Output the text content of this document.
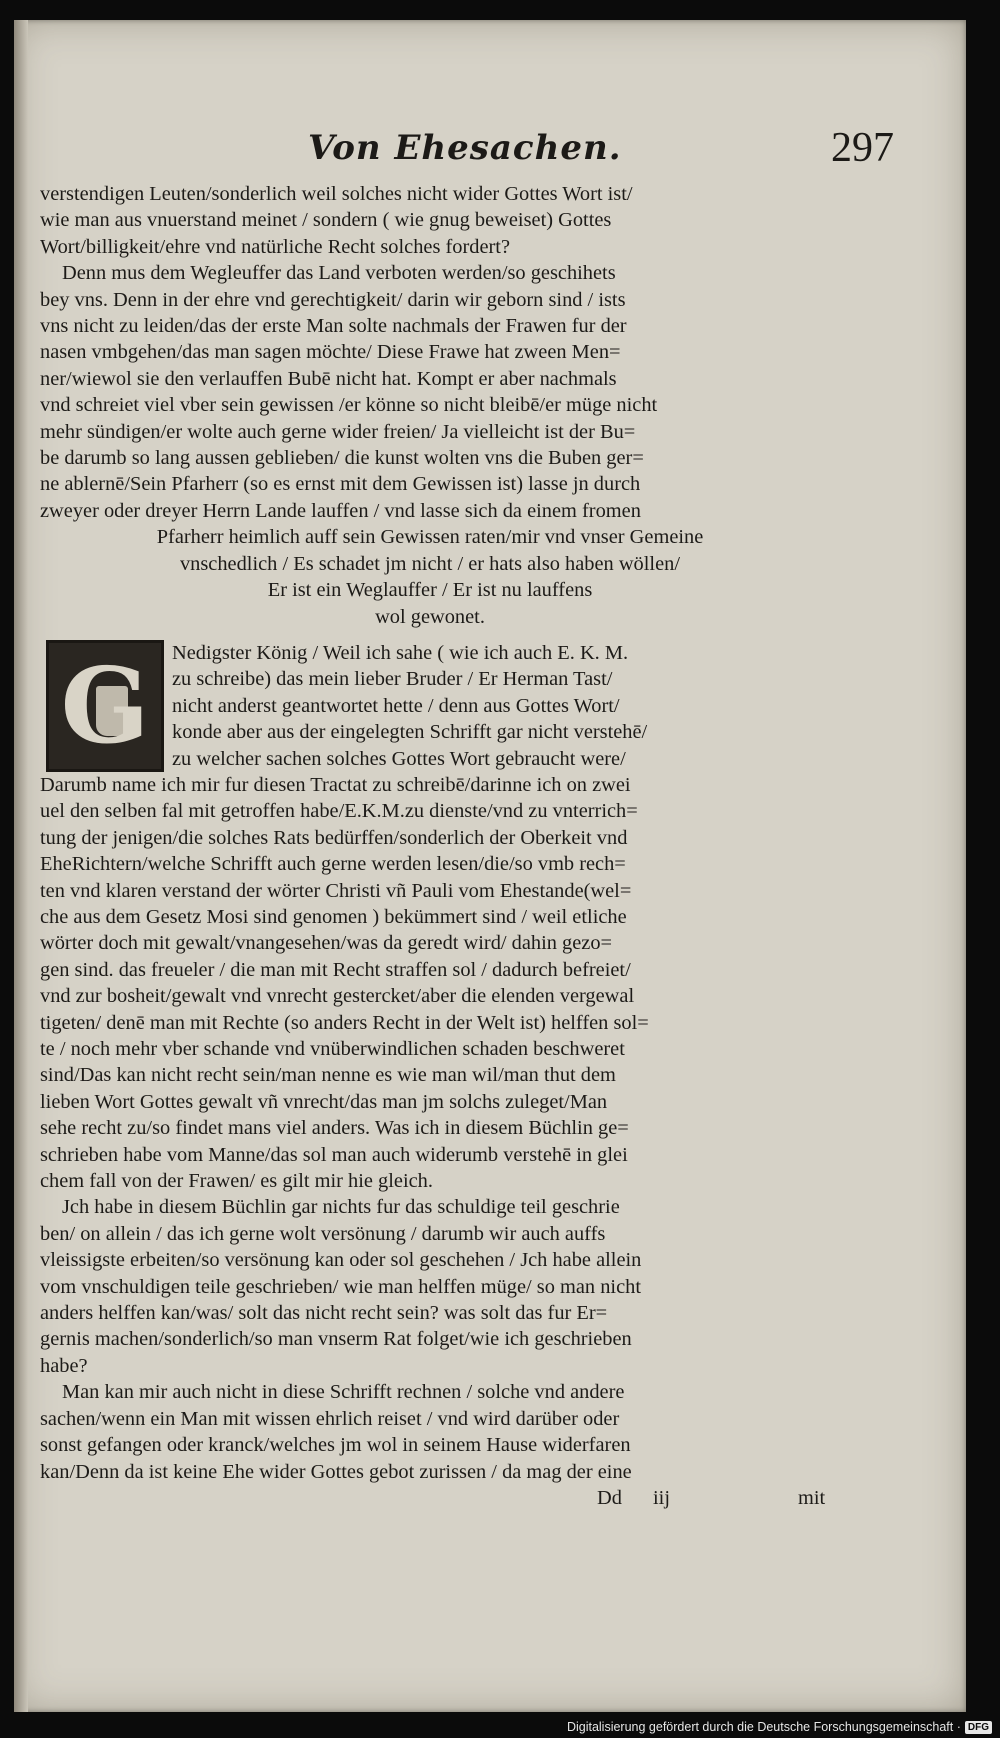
Von Ehesachen.	297
verstendigen Leuten/sonderlich weil solches nicht wider Gottes Wort ist/
wie man aus vnuerstand meinet / sondern ( wie gnug beweiset) Gottes
Wort/billigkeit/ehre vnd natürliche Recht solches fordert?
Denn mus dem Wegleuffer das Land verboten werden/so geschihets
bey vns. Denn in der ehre vnd gerechtigkeit/ darin wir geborn sind / ists
vns nicht zu leiden/das der erste Man solte nachmals der Frawen fur der
nasen vmbgehen/das man sagen möchte/ Diese Frawe hat zween Men=
ner/wiewol sie den verlauffen Bubē nicht hat. Kompt er aber nachmals
vnd schreiet viel vber sein gewissen /er könne so nicht bleibē/er müge nicht
mehr sündigen/er wolte auch gerne wider freien/ Ja vielleicht ist der Bu=
be darumb so lang aussen geblieben/ die kunst wolten vns die Buben ger=
ne ablernē/Sein Pfarherr (so es ernst mit dem Gewissen ist) lasse jn durch
zweyer oder dreyer Herrn Lande lauffen / vnd lasse sich da einem fromen
Pfarherr heimlich auff sein Gewissen raten/mir vnd vnser Gemeine
vnschedlich / Es schadet jm nicht / er hats also haben wöllen/
Er ist ein Weglauffer / Er ist nu lauffens
wol gewonet.
G	Nedigster König / Weil ich sahe ( wie ich auch E. K. M.
zu schreibe) das mein lieber Bruder / Er Herman Tast/
nicht anderst geantwortet hette / denn aus Gottes Wort/
konde aber aus der eingelegten Schrifft gar nicht verstehē/
zu welcher sachen solches Gottes Wort gebraucht were/
Darumb name ich mir fur diesen Tractat zu schreibē/darinne ich on zwei
uel den selben fal mit getroffen habe/E.K.M.zu dienste/vnd zu vnterrich=
tung der jenigen/die solches Rats bedürffen/sonderlich der Oberkeit vnd
EheRichtern/welche Schrifft auch gerne werden lesen/die/so vmb rech=
ten vnd klaren verstand der wörter Christi vñ Pauli vom Ehestande(wel=
che aus dem Gesetz Mosi sind genomen ) bekümmert sind / weil etliche
wörter doch mit gewalt/vnangesehen/was da geredt wird/ dahin gezo=
gen sind. das freueler / die man mit Recht straffen sol / dadurch befreiet/
vnd zur bosheit/gewalt vnd vnrecht gestercket/aber die elenden vergewal
tigeten/ denē man mit Rechte (so anders Recht in der Welt ist) helffen sol=
te / noch mehr vber schande vnd vnüberwindlichen schaden beschweret
sind/Das kan nicht recht sein/man nenne es wie man wil/man thut dem
lieben Wort Gottes gewalt vñ vnrecht/das man jm solchs zuleget/Man
sehe recht zu/so findet mans viel anders. Was ich in diesem Büchlin ge=
schrieben habe vom Manne/das sol man auch widerumb verstehē in glei
chem fall von der Frawen/ es gilt mir hie gleich.
Jch habe in diesem Büchlin gar nichts fur das schuldige teil geschrie
ben/ on allein / das ich gerne wolt versönung / darumb wir auch auffs
vleissigste erbeiten/so versönung kan oder sol geschehen / Jch habe allein
vom vnschuldigen teile geschrieben/ wie man helffen müge/ so man nicht
anders helffen kan/was/ solt das nicht recht sein? was solt das fur Er=
gernis machen/sonderlich/so man vnserm Rat folget/wie ich geschrieben
habe?
Man kan mir auch nicht in diese Schrifft rechnen / solche vnd andere
sachen/wenn ein Man mit wissen ehrlich reiset / vnd wird darüber oder
sonst gefangen oder kranck/welches jm wol in seinem Hause widerfaren
kan/Denn da ist keine Ehe wider Gottes gebot zurissen / da mag der eine
Dd iij	mit
Digitalisierung gefördert durch die Deutsche Forschungsgemeinschaft · DFG
